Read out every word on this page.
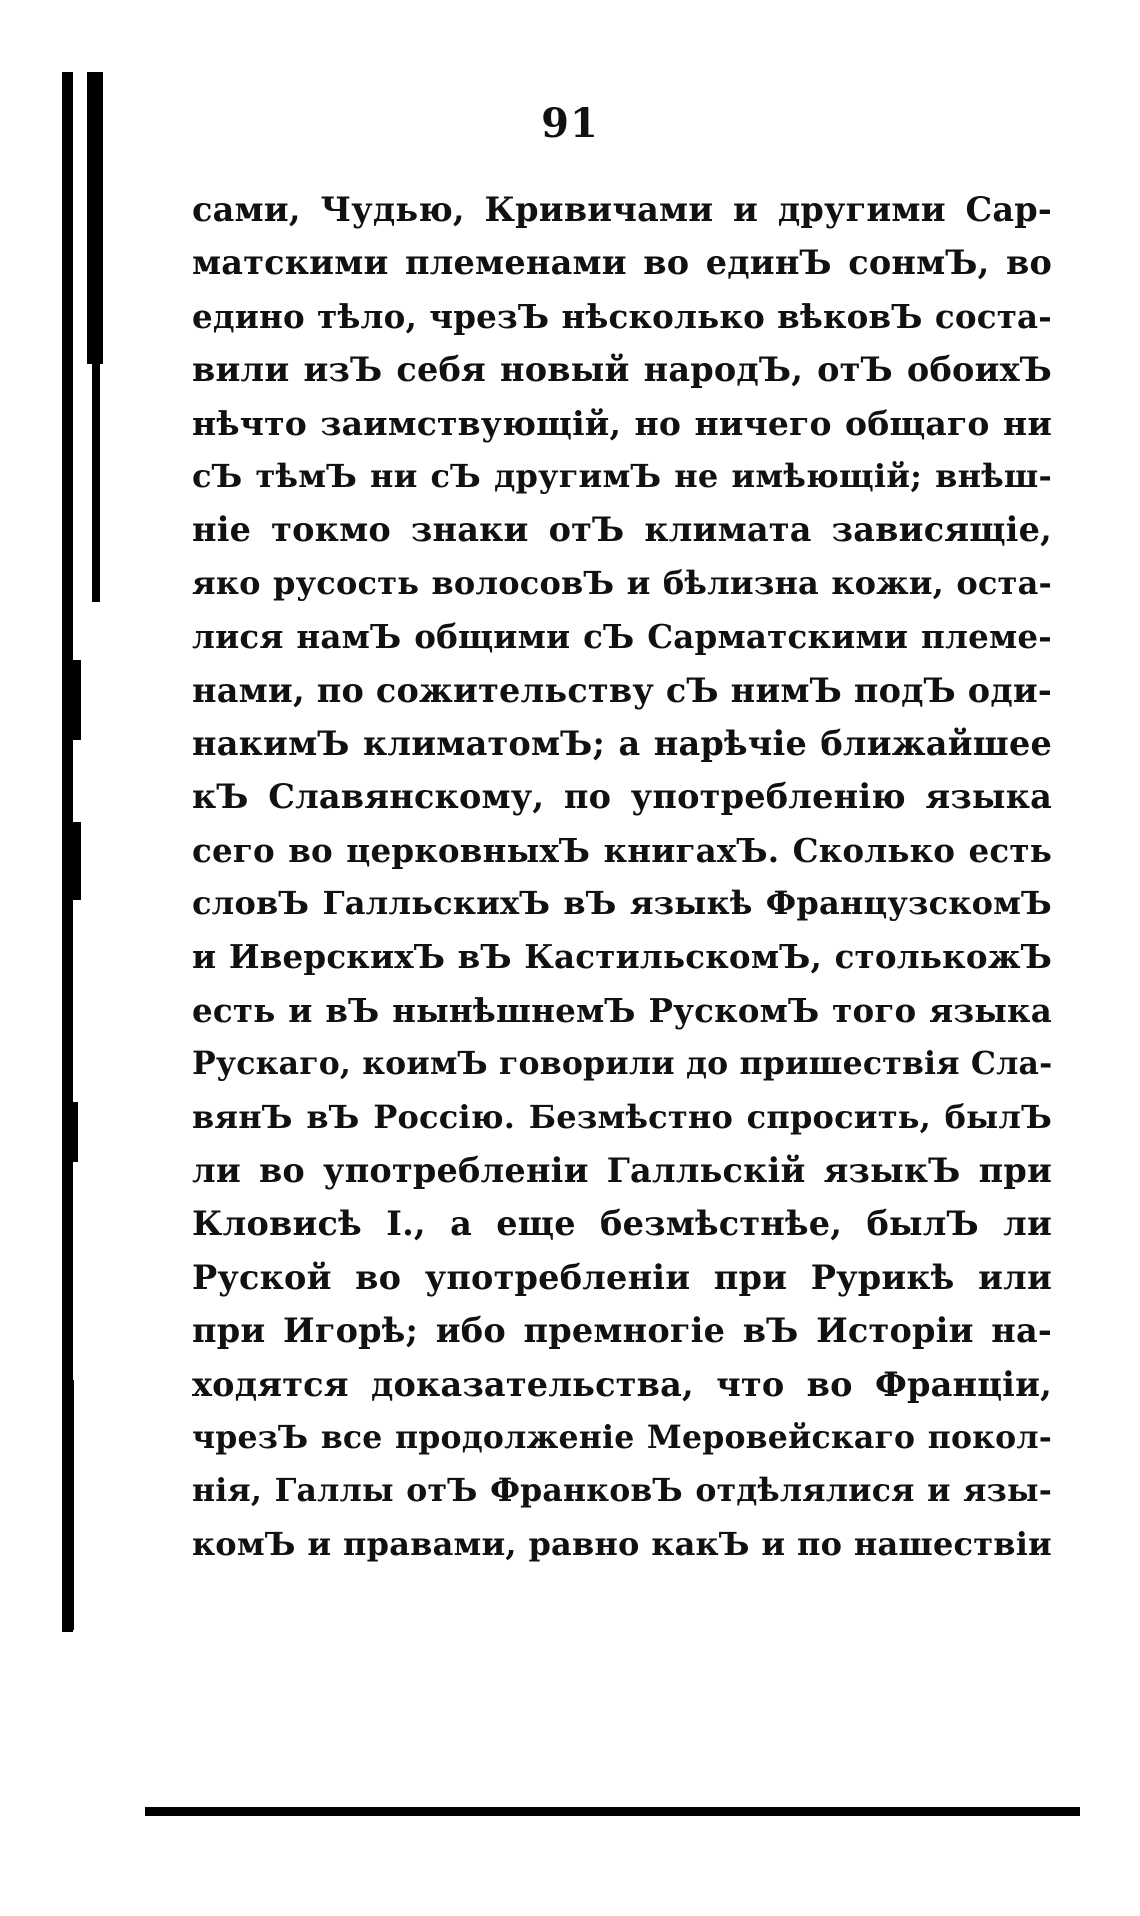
91
сами, Чудью, Кривичами и другими Сар-
матскими племенами во единЪ сонмЪ, во
едино тѣло, чрезЪ нѣсколько вѣковЪ соста-
вили изЪ себя новый народЪ, отЪ обоихЪ
нѣчто заимствующій, но ничего общаго ни
сЪ тѣмЪ ни сЪ другимЪ не имѣющій; внѣш-
ніе токмо знаки отЪ климата зависящіе,
яко русость волосовЪ и бѣлизна кожи, оста-
лися намЪ общими сЪ Сарматскими племе-
нами, по сожительству сЪ нимЪ подЪ оди-
накимЪ климатомЪ; а нарѣчіе ближайшее
кЪ Славянскому, по употребленію языка
сего во церковныхЪ книгахЪ. Сколько есть
словЪ ГалльскихЪ вЪ языкѣ ФранцузскомЪ
и ИверскихЪ вЪ КастильскомЪ, столькожЪ
есть и вЪ нынѣшнемЪ РускомЪ того языка
Рускаго, коимЪ говорили до пришествія Сла-
вянЪ вЪ Россію. Безмѣстно спросить, былЪ
ли во употребленіи Галльскій языкЪ при
Кловисѣ I., а еще безмѣстнѣе, былЪ ли
Руской во употребленіи при Рурикѣ или
при Игорѣ; ибо премногіе вЪ Исторіи на-
ходятся доказательства, что во Франціи,
чрезЪ все продолженіе Меровейскаго покол-
нія, Галлы отЪ ФранковЪ отдѣлялися и язы-
комЪ и правами, равно какЪ и по нашествіи
